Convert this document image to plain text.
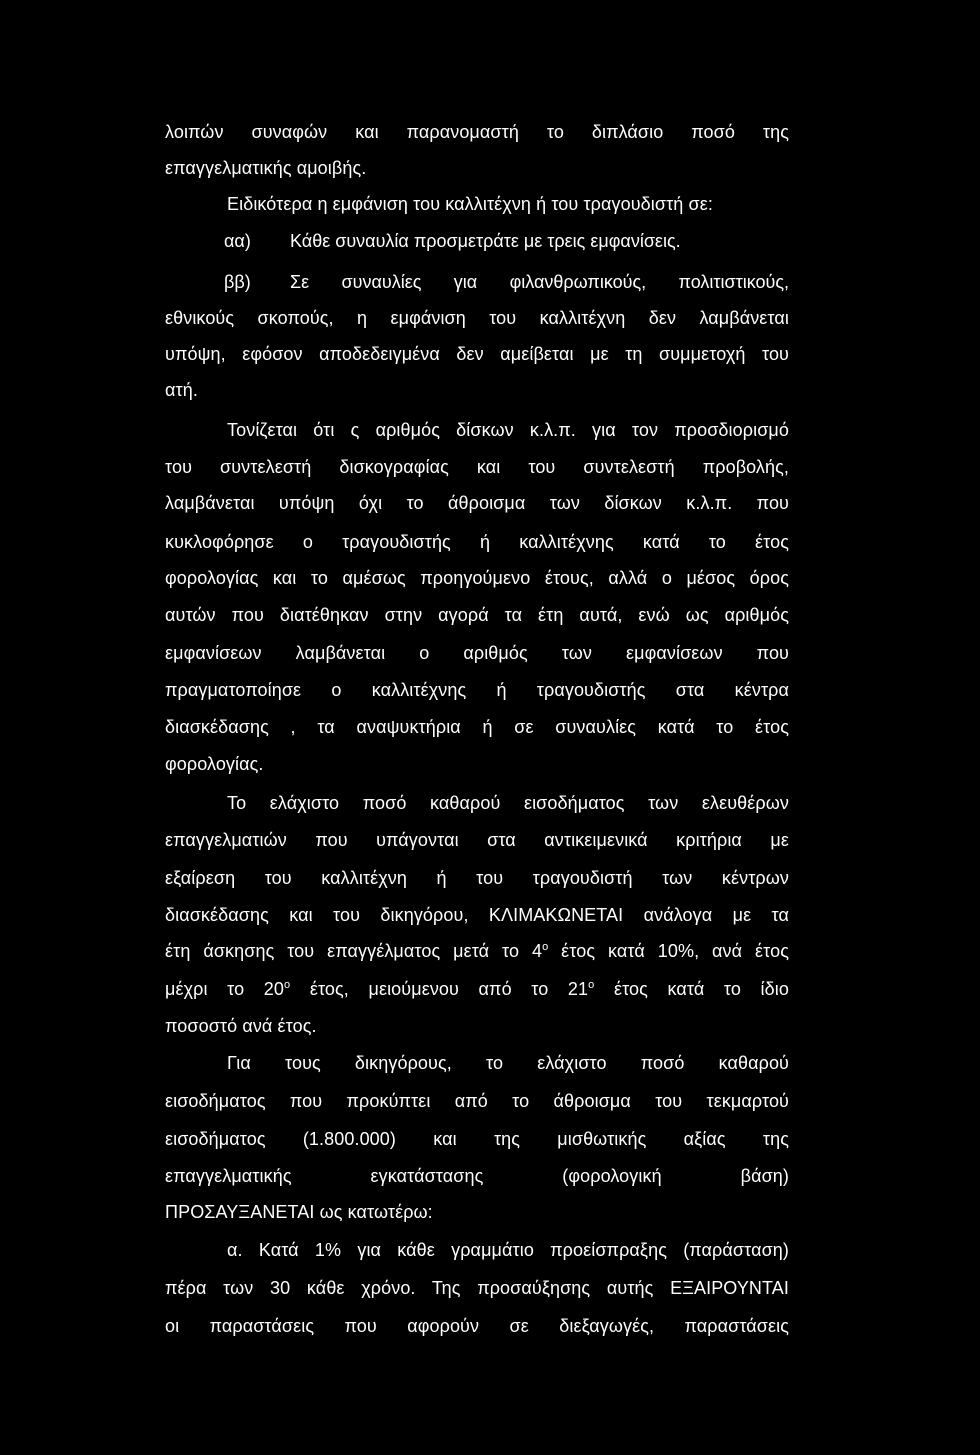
λοιπών συναφών και παρανομαστή το διπλάσιο ποσό της
επαγγελματικής αμοιβής.
Ειδικότερα η εμφάνιση του καλλιτέχνη ή του τραγουδιστή σε:
αα) Κάθε συναυλία προσμετράτε με τρεις εμφανίσεις.
ββ) Σε συναυλίες για φιλανθρωπικούς, πολιτιστικούς,
εθνικούς σκοπούς, η εμφάνιση του καλλιτέχνη δεν λαμβάνεται
υπόψη, εφόσον αποδεδειγμένα δεν αμείβεται με τη συμμετοχή του
ατή.
Τονίζεται ότι ς αριθμός δίσκων κ.λ.π. για τον προσδιορισμό
του συντελεστή δισκογραφίας και του συντελεστή προβολής,
λαμβάνεται υπόψη όχι το άθροισμα των δίσκων κ.λ.π. που
κυκλοφόρησε ο τραγουδιστής ή καλλιτέχνης κατά το έτος
φορολογίας και το αμέσως προηγούμενο έτους, αλλά ο μέσος όρος
αυτών που διατέθηκαν στην αγορά τα έτη αυτά, ενώ ως αριθμός
εμφανίσεων λαμβάνεται ο αριθμός των εμφανίσεων που
πραγματοποίησε ο καλλιτέχνης ή τραγουδιστής στα κέντρα
διασκέδασης , τα αναψυκτήρια ή σε συναυλίες κατά το έτος
φορολογίας.
Το ελάχιστο ποσό καθαρού εισοδήματος των ελευθέρων
επαγγελματιών που υπάγονται στα αντικειμενικά κριτήρια με
εξαίρεση του καλλιτέχνη ή του τραγουδιστή των κέντρων
διασκέδασης και του δικηγόρου, ΚΛΙΜΑΚΩΝΕΤΑΙ ανάλογα με τα
έτη άσκησης του επαγγέλματος μετά το $4^o$ έτος κατά 10%, ανά έτος
μέχρι το $20^o$ έτος, μειούμενου από το $21^o$ έτος κατά το ίδιο
ποσοστό ανά έτος.
Για τους δικηγόρους, το ελάχιστο ποσό καθαρού
εισοδήματος που προκύπτει από το άθροισμα του τεκμαρτού
εισοδήματος (1.800.000) και της μισθωτικής αξίας της
επαγγελματικής εγκατάστασης (φορολογική βάση)
ΠΡΟΣΑΥΞΑΝΕΤΑΙ ως κατωτέρω:
α. Κατά 1% για κάθε γραμμάτιο προείσπραξης (παράσταση)
πέρα των 30 κάθε χρόνο. Της προσαύξησης αυτής ΕΞΑΙΡΟΥΝΤΑΙ
οι παραστάσεις που αφορούν σε διεξαγωγές, παραστάσεις
